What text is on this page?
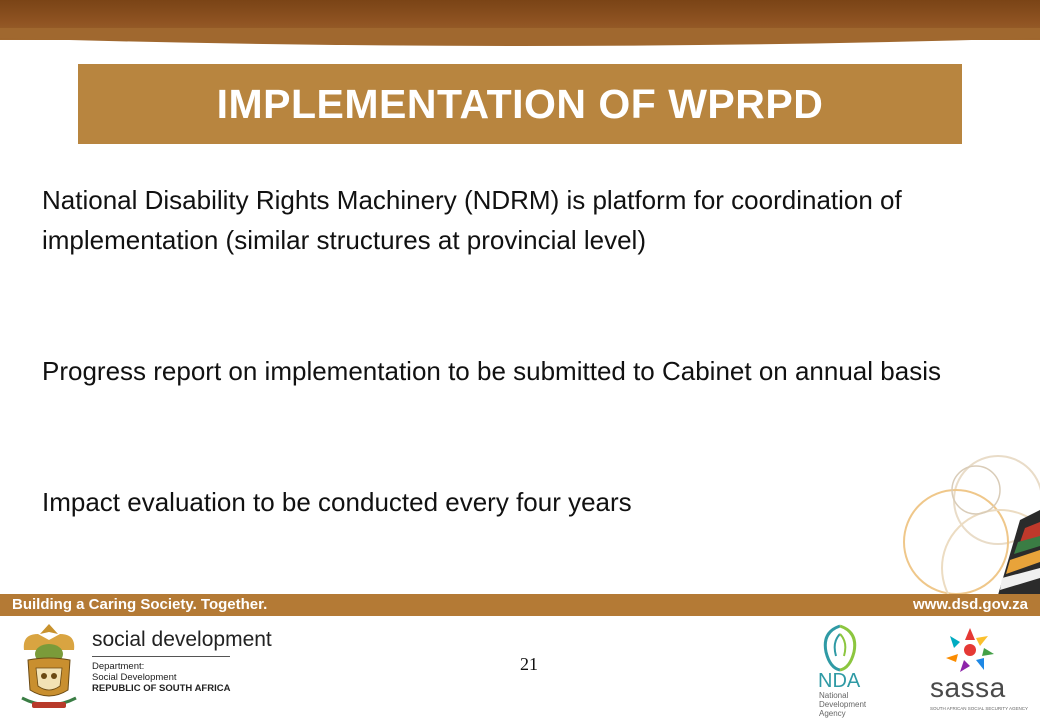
IMPLEMENTATION OF WPRPD
National Disability Rights Machinery (NDRM) is platform for coordination of implementation (similar structures at provincial level)
Progress report on implementation to be submitted to Cabinet on annual basis
Impact evaluation to be conducted every four years
Building a Caring Society. Together.	www.dsd.gov.za
social development
Department:
Social Development
REPUBLIC OF SOUTH AFRICA
21
NDA
National
Development
Agency
sassa
SOUTH AFRICAN SOCIAL SECURITY AGENCY
